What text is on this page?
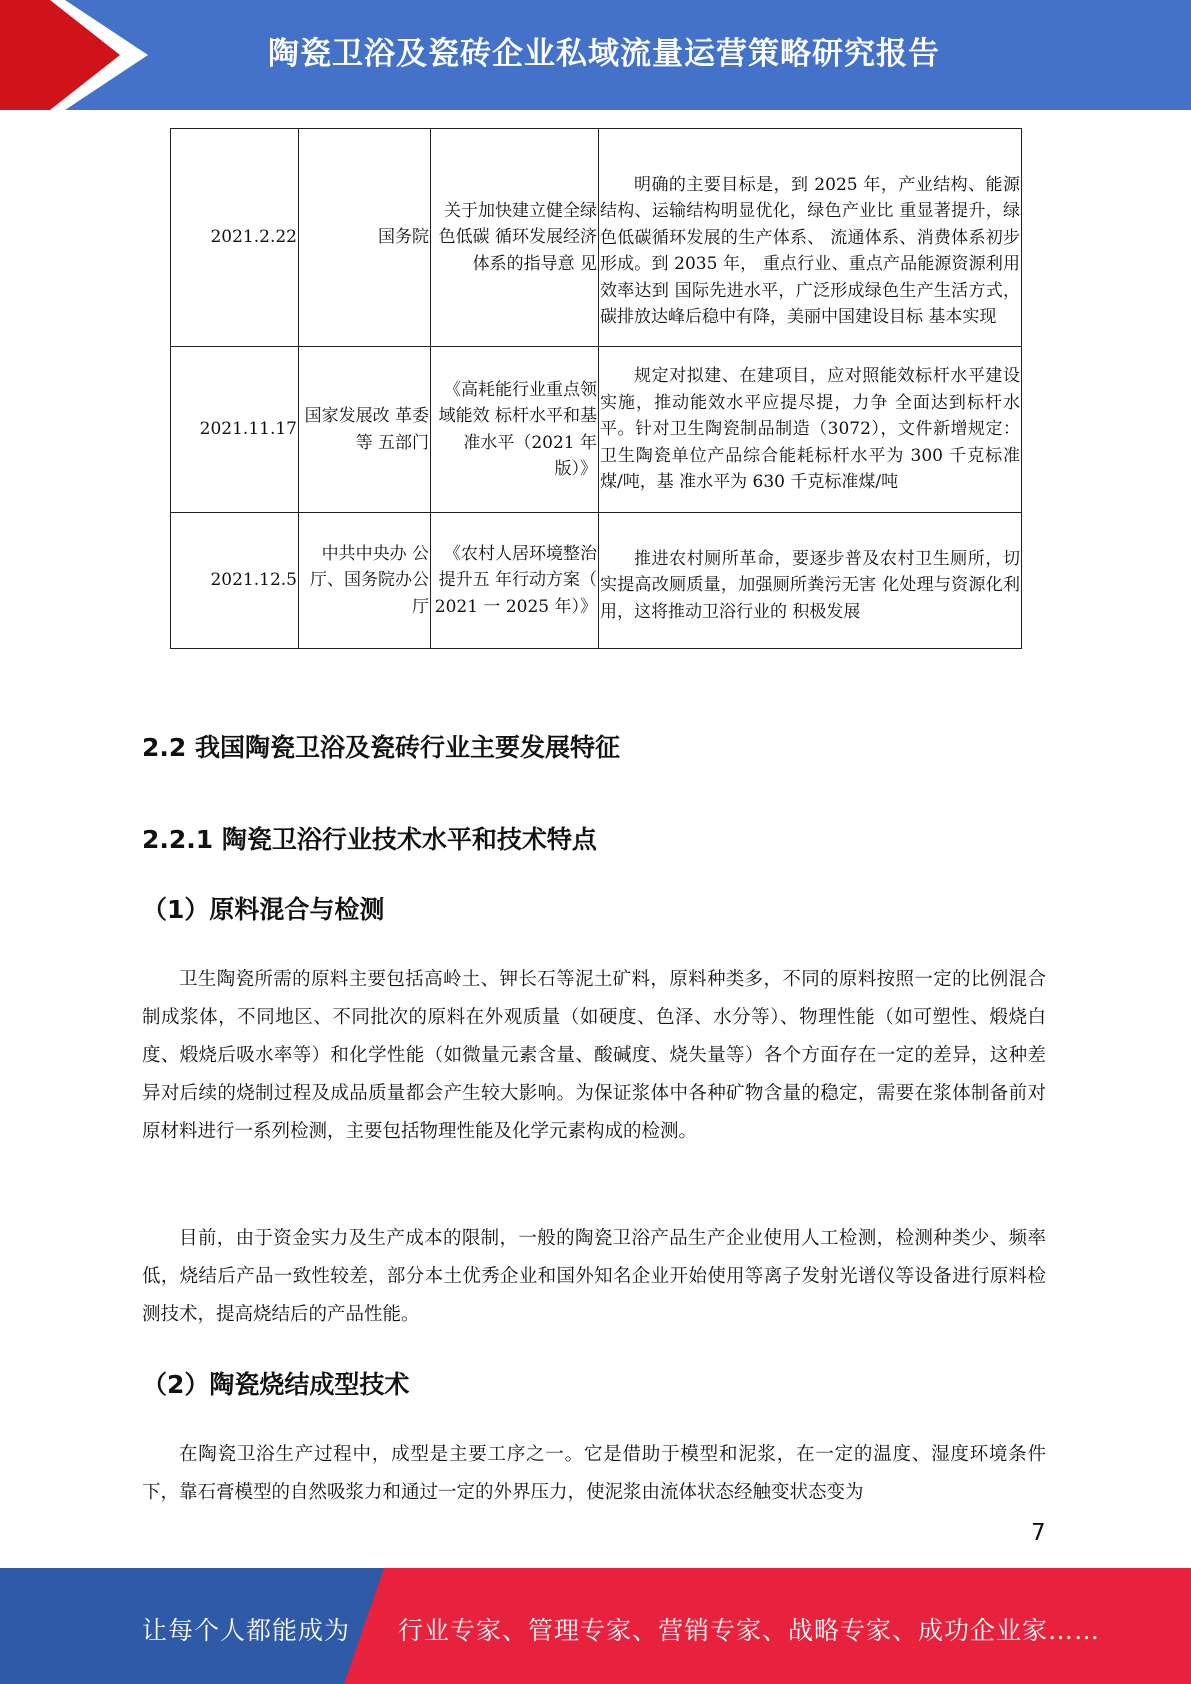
陶瓷卫浴及瓷砖企业私域流量运营策略研究报告
2021.2.22	国务院	关于加快建立健全绿色低碳 循环发展经济 体系的指导意 见	明确的主要目标是，到 2025 年，产业结构、能源结构、运输结构明显优化，绿色产业比 重显著提升，绿色低碳循环发展的生产体系、 流通体系、消费体系初步形成。到 2035 年， 重点行业、重点产品能源资源利用效率达到 国际先进水平，广泛形成绿色生产生活方式， 碳排放达峰后稳中有降，美丽中国建设目标 基本实现
2021.11.17	国家发展改 革委等 五部门	《高耗能行业重点领域能效 标杆水平和基 准水平（2021 年 版）》	规定对拟建、在建项目，应对照能效标杆水平建设实施，推动能效水平应提尽提，力争 全面达到标杆水平。针对卫生陶瓷制品制造（3072），文件新增规定：卫生陶瓷单位产品综合能耗标杆水平为 300 千克标准煤/吨，基 准水平为 630 千克标准煤/吨
2021.12.5	中共中央办 公厅、国务院办公厅	《农村人居环境整治提升五 年行动方案（ 2021 一 2025 年）》	推进农村厕所革命，要逐步普及农村卫生厕所，切实提高改厕质量，加强厕所粪污无害 化处理与资源化利用，这将推动卫浴行业的 积极发展
2.2 我国陶瓷卫浴及瓷砖行业主要发展特征
2.2.1 陶瓷卫浴行业技术水平和技术特点
（1）原料混合与检测

卫生陶瓷所需的原料主要包括高岭土、钾长石等泥土矿料，原料种类多，不同的原料按照一定的比例混合制成浆体，不同地区、不同批次的原料在外观质量（如硬度、色泽、水分等）、物理性能（如可塑性、煅烧白度、煅烧后吸水率等）和化学性能（如微量元素含量、酸碱度、烧失量等）各个方面存在一定的差异，这种差异对后续的烧制过程及成品质量都会产生较大影响。为保证浆体中各种矿物含量的稳定，需要在浆体制备前对原材料进行一系列检测，主要包括物理性能及化学元素构成的检测。

目前，由于资金实力及生产成本的限制，一般的陶瓷卫浴产品生产企业使用人工检测，检测种类少、频率低，烧结后产品一致性较差，部分本土优秀企业和国外知名企业开始使用等离子发射光谱仪等设备进行原料检测技术，提高烧结后的产品性能。

（2）陶瓷烧结成型技术

在陶瓷卫浴生产过程中，成型是主要工序之一。它是借助于模型和泥浆，在一定的温度、湿度环境条件下，靠石膏模型的自然吸浆力和通过一定的外界压力，使泥浆由流体状态经触变状态变为

7
让每个人都能成为 行业专家、管理专家、营销专家、战略专家、成功企业家……
